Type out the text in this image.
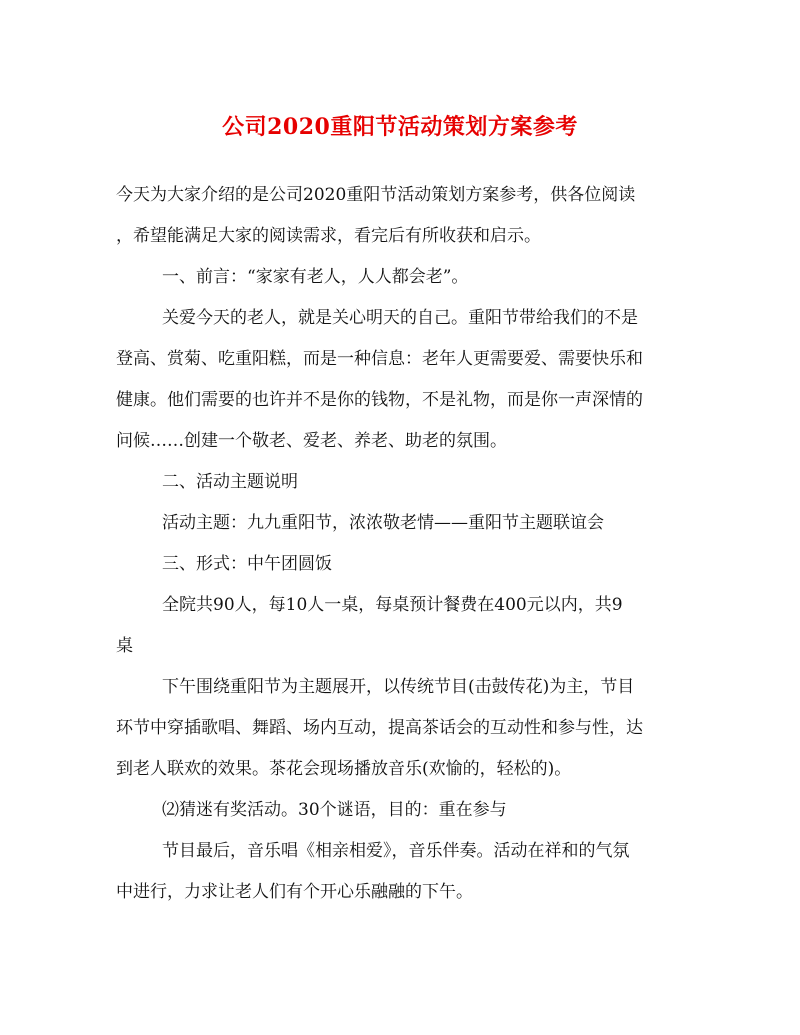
公司2020重阳节活动策划方案参考
今天为大家介绍的是公司2020重阳节活动策划方案参考，供各位阅读
，希望能满足大家的阅读需求，看完后有所收获和启示。
一、前言：“家家有老人，人人都会老”。
关爱今天的老人，就是关心明天的自己。重阳节带给我们的不是
登高、赏菊、吃重阳糕，而是一种信息：老年人更需要爱、需要快乐和
健康。他们需要的也许并不是你的钱物，不是礼物，而是你一声深情的
问候……创建一个敬老、爱老、养老、助老的氛围。
二、活动主题说明
活动主题：九九重阳节，浓浓敬老情——重阳节主题联谊会
三、形式：中午团圆饭
全院共90人，每10人一桌，每桌预计餐费在400元以内，共9
桌
下午围绕重阳节为主题展开，以传统节目(击鼓传花)为主，节目
环节中穿插歌唱、舞蹈、场内互动，提高茶话会的互动性和参与性，达
到老人联欢的效果。茶花会现场播放音乐(欢愉的，轻松的)。
⑵猜迷有奖活动。30个谜语，目的：重在参与
节目最后，音乐唱《相亲相爱》，音乐伴奏。活动在祥和的气氛
中进行，力求让老人们有个开心乐融融的下午。
